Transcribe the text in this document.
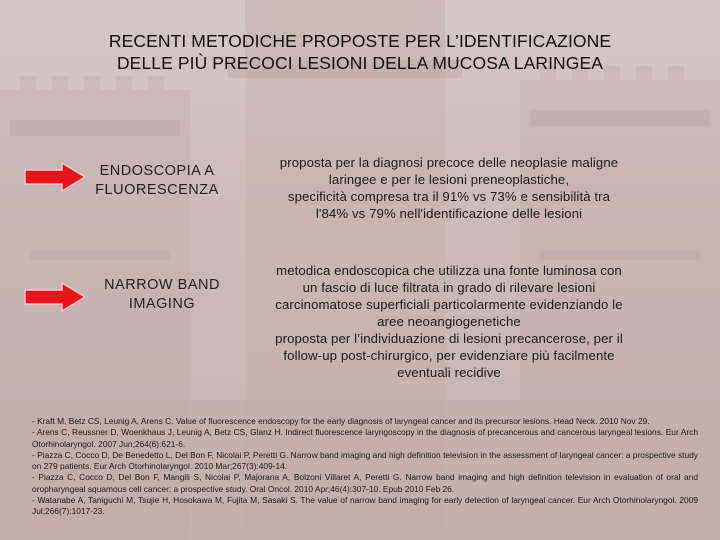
RECENTI METODICHE PROPOSTE PER L’IDENTIFICAZIONE
DELLE PIÙ PRECOCI LESIONI DELLA MUCOSA LARINGEA
ENDOSCOPIA A
FLUORESCENZA
proposta per la diagnosi precoce delle neoplasie maligne
laringee e per le lesioni preneoplastiche,
specificità compresa tra il 91% vs 73% e sensibilità tra
l'84% vs 79% nell'identificazione delle lesioni
NARROW BAND
IMAGING
metodica endoscopica che utilizza una fonte luminosa con
un fascio di luce filtrata in grado di rilevare lesioni
carcinomatose superficiali particolarmente evidenziando le
aree neoangiogenetiche
proposta per l’individuazione di lesioni precancerose, per il
follow-up post-chirurgico, per evidenziare più facilmente
eventuali recidive
- Kraft M, Betz CS, Leunig A, Arens C. Value of fluorescence endoscopy for the early diagnosis of laryngeal cancer and its precursor lesions. Head Neck. 2010 Nov 29.
- Arens C, Reussner D, Woenkhaus J, Leunig A, Betz CS, Glanz H. Indirect fluorescence laryngoscopy in the diagnosis of precancerous and cancerous laryngeal lesions. Eur Arch Otorhinolaryngol. 2007 Jun;264(6):621-6.
- Piazza C, Cocco D, De Benedetto L, Del Bon F, Nicolai P, Peretti G. Narrow band imaging and high definition television in the assessment of laryngeal cancer: a prospective study on 279 patients. Eur Arch Otorhinolaryngol. 2010 Mar;267(3):409-14.
- Piazza C, Cocco D, Del Bon F, Mangili S, Nicolai P, Majorana A, Bolzoni Villaret A, Peretti G. Narrow band imaging and high definition television in evaluation of oral and oropharyngeal squamous cell cancer: a prospective study. Oral Oncol. 2010 Apr;46(4):307-10. Epub 2010 Feb 26.
- Watanabe A, Taniguchi M, Tsujie H, Hosokawa M, Fujita M, Sasaki S. The value of narrow band imaging for early detection of laryngeal cancer. Eur Arch Otorhinolaryngol. 2009 Jul;266(7):1017-23.
